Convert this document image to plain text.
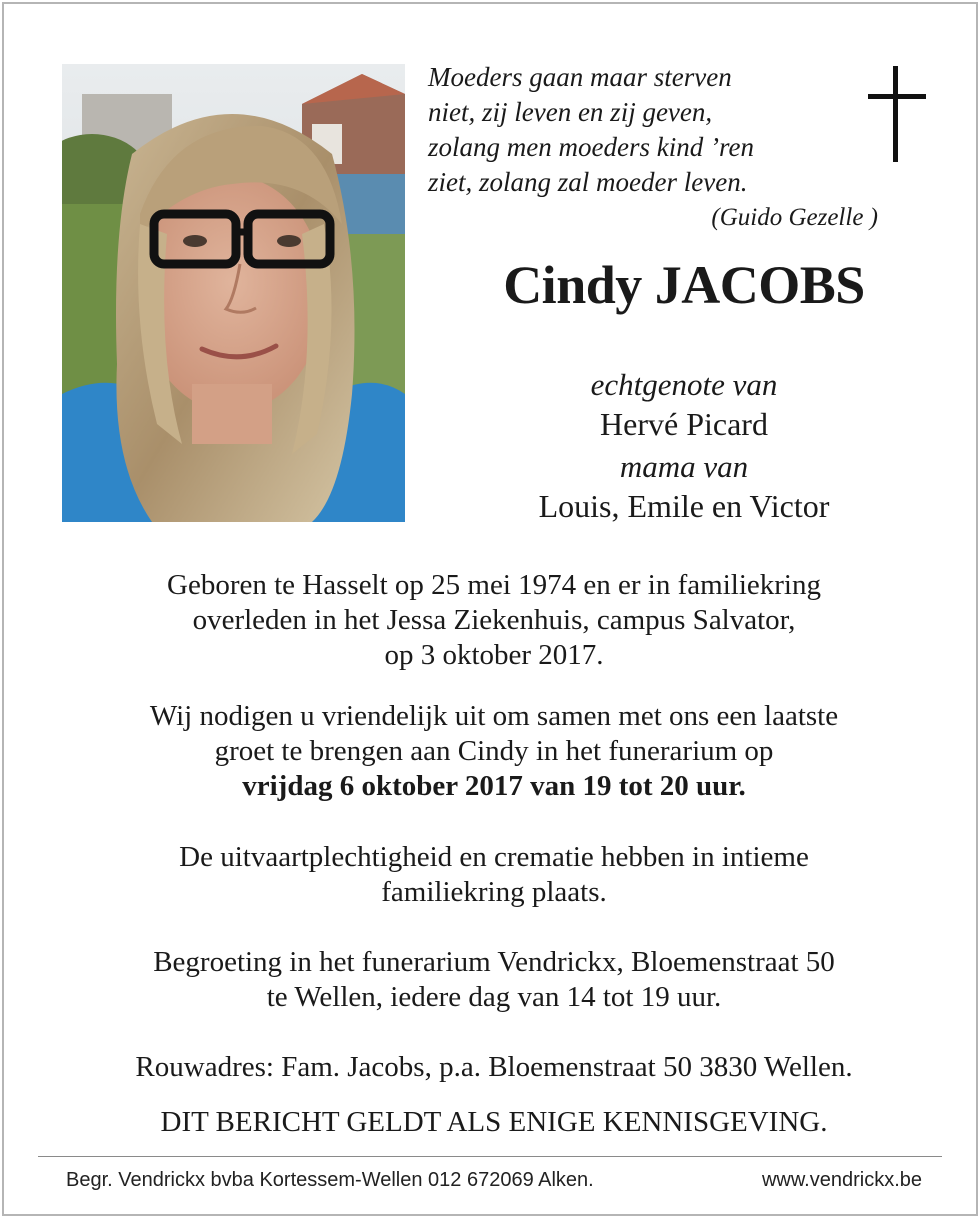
Moeders gaan maar sterven
niet, zij leven en zij geven,
zolang men moeders kind ’ren
ziet, zolang zal moeder leven.
(Guido Gezelle )
Cindy JACOBS
echtgenote van
Hervé Picard
mama van
Louis, Emile en Victor
Geboren te Hasselt op 25 mei 1974 en er in familiekring
overleden in het Jessa Ziekenhuis, campus Salvator,
op 3 oktober 2017.
Wij nodigen u vriendelijk uit om samen met ons een laatste
groet te brengen aan Cindy in het funerarium op
vrijdag 6 oktober 2017 van 19 tot 20 uur.
De uitvaartplechtigheid en crematie hebben in intieme
familiekring plaats.
Begroeting in het funerarium Vendrickx, Bloemenstraat 50
te Wellen, iedere dag van 14 tot 19 uur.
Rouwadres: Fam. Jacobs, p.a. Bloemenstraat 50 3830 Wellen.
DIT BERICHT GELDT ALS ENIGE KENNISGEVING.
Begr. Vendrickx bvba Kortessem-Wellen 012 672069 Alken.	www.vendrickx.be
